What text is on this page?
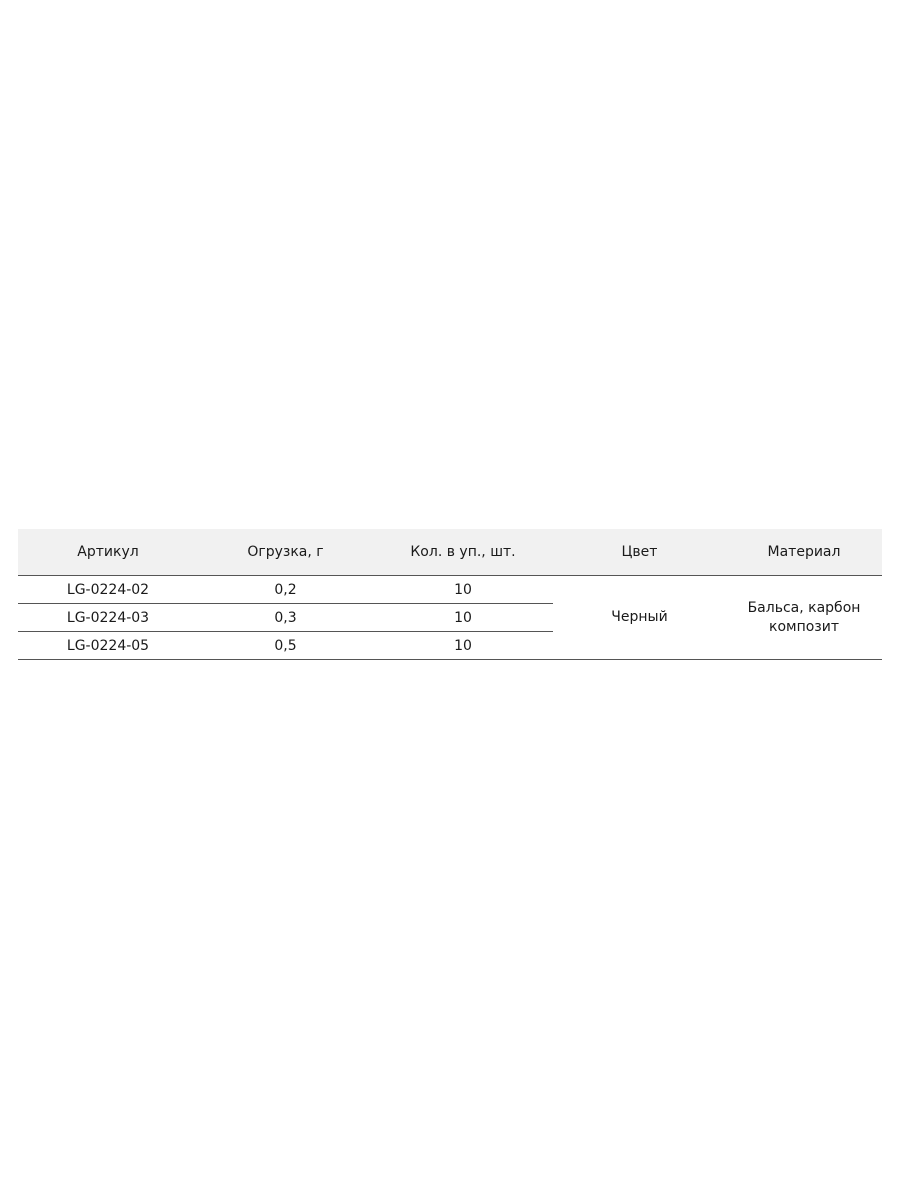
Артикул	Огрузка, г	Кол. в уп., шт.	Цвет	Материал
LG-0224-02	0,2	10	Черный	Бальса, карбон
композит
LG-0224-03	0,3	10		
LG-0224-05	0,5	10		
